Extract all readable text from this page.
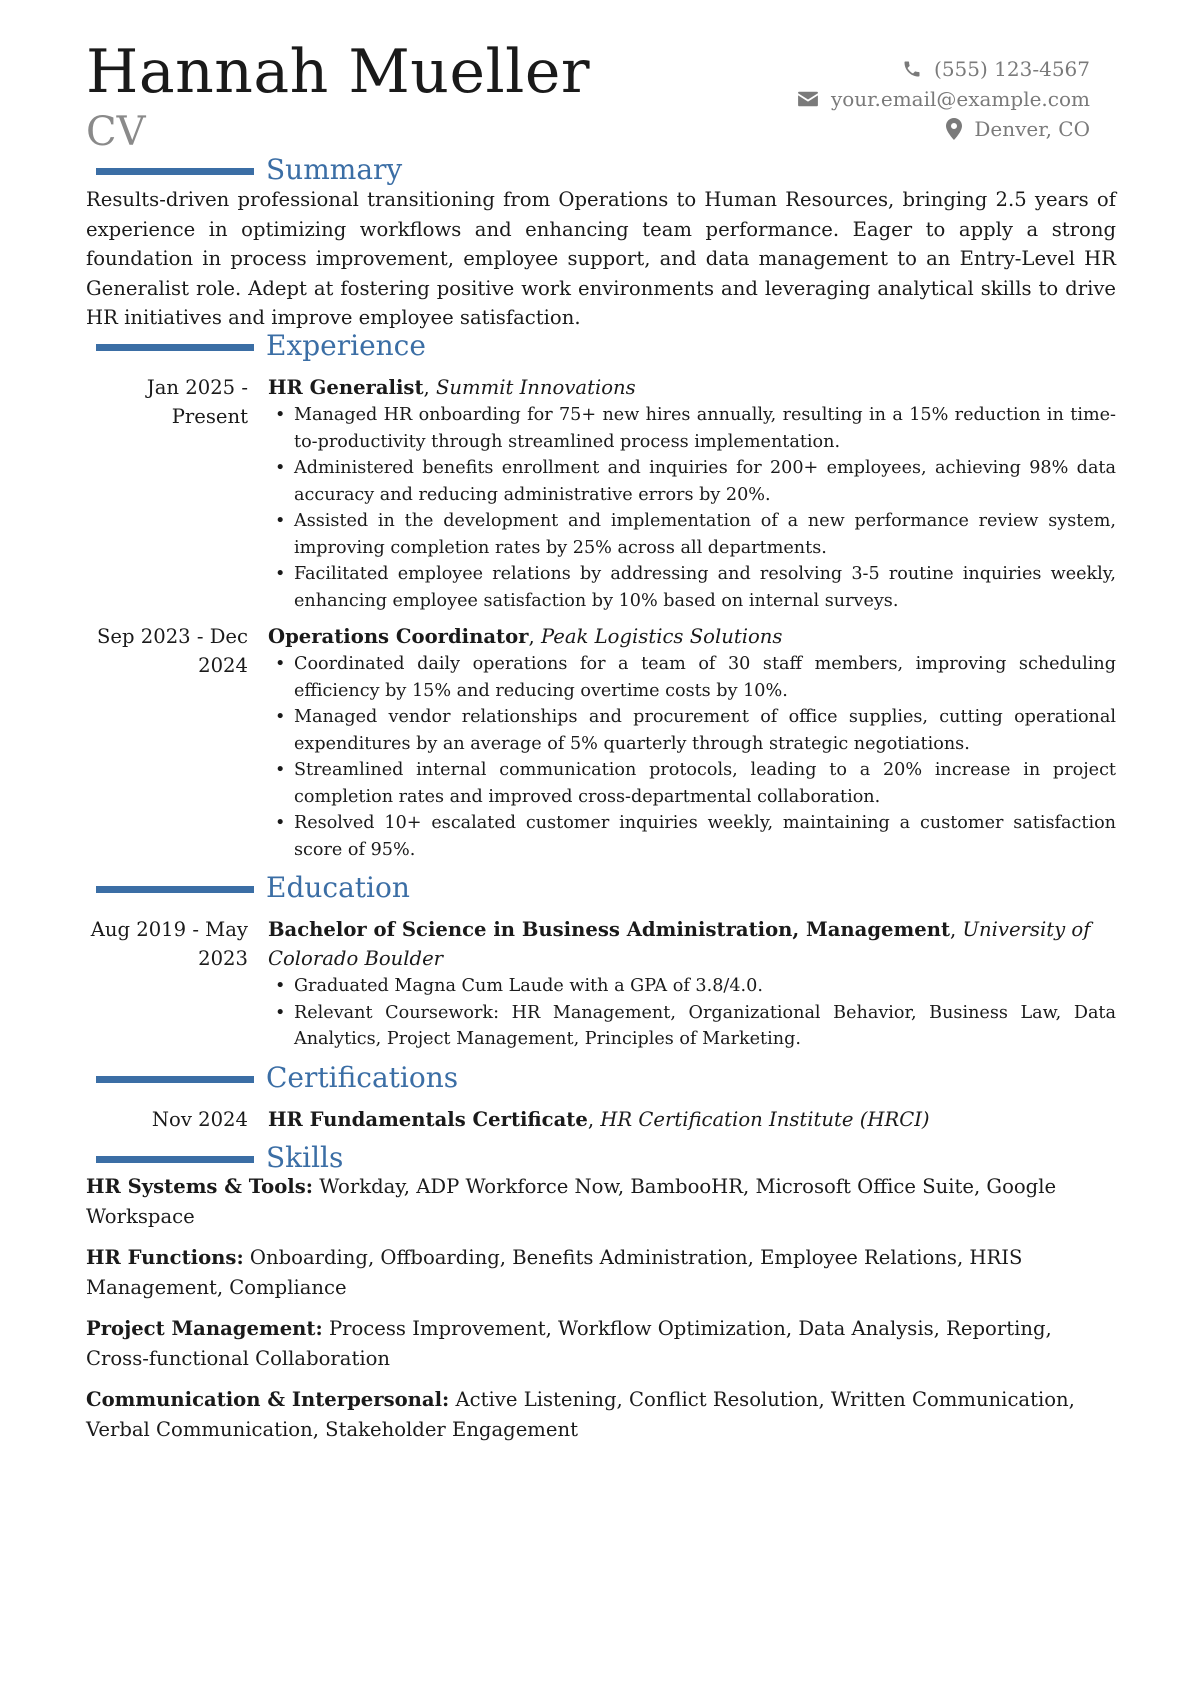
Hannah Mueller
CV
(555) 123-4567
your.email@example.com
Denver, CO
Summary

Results-driven professional transitioning from Operations to Human Resources, bringing 2.5 years of experience in optimizing workflows and enhancing team performance. Eager to apply a strong foundation in process improvement, employee support, and data management to an Entry-Level HR Generalist role. Adept at fostering positive work environments and leveraging analytical skills to drive HR initiatives and improve employee satisfaction.

Experience
Jan 2025 - Present
HR Generalist, Summit Innovations
• Managed HR onboarding for 75+ new hires annually, resulting in a 15% reduction in time-to-productivity through streamlined process implementation.
• Administered benefits enrollment and inquiries for 200+ employees, achieving 98% data accuracy and reducing administrative errors by 20%.
• Assisted in the development and implementation of a new performance review system, improving completion rates by 25% across all departments.
• Facilitated employee relations by addressing and resolving 3-5 routine inquiries weekly, enhancing employee satisfaction by 10% based on internal surveys.
Sep 2023 - Dec 2024
Operations Coordinator, Peak Logistics Solutions
• Coordinated daily operations for a team of 30 staff members, improving scheduling efficiency by 15% and reducing overtime costs by 10%.
• Managed vendor relationships and procurement of office supplies, cutting operational expenditures by an average of 5% quarterly through strategic negotiations.
• Streamlined internal communication protocols, leading to a 20% increase in project completion rates and improved cross-departmental collaboration.
• Resolved 10+ escalated customer inquiries weekly, maintaining a customer satisfaction score of 95%.
Education
Aug 2019 - May 2023
Bachelor of Science in Business Administration, Management, University of Colorado Boulder
• Graduated Magna Cum Laude with a GPA of 3.8/4.0.
• Relevant Coursework: HR Management, Organizational Behavior, Business Law, Data Analytics, Project Management, Principles of Marketing.
Certifications
Nov 2024	HR Fundamentals Certificate, HR Certification Institute (HRCI)
Skills
HR Systems & Tools: Workday, ADP Workforce Now, BambooHR, Microsoft Office Suite, Google Workspace
HR Functions: Onboarding, Offboarding, Benefits Administration, Employee Relations, HRIS Management, Compliance
Project Management: Process Improvement, Workflow Optimization, Data Analysis, Reporting, Cross-functional Collaboration
Communication & Interpersonal: Active Listening, Conflict Resolution, Written Communication, Verbal Communication, Stakeholder Engagement
